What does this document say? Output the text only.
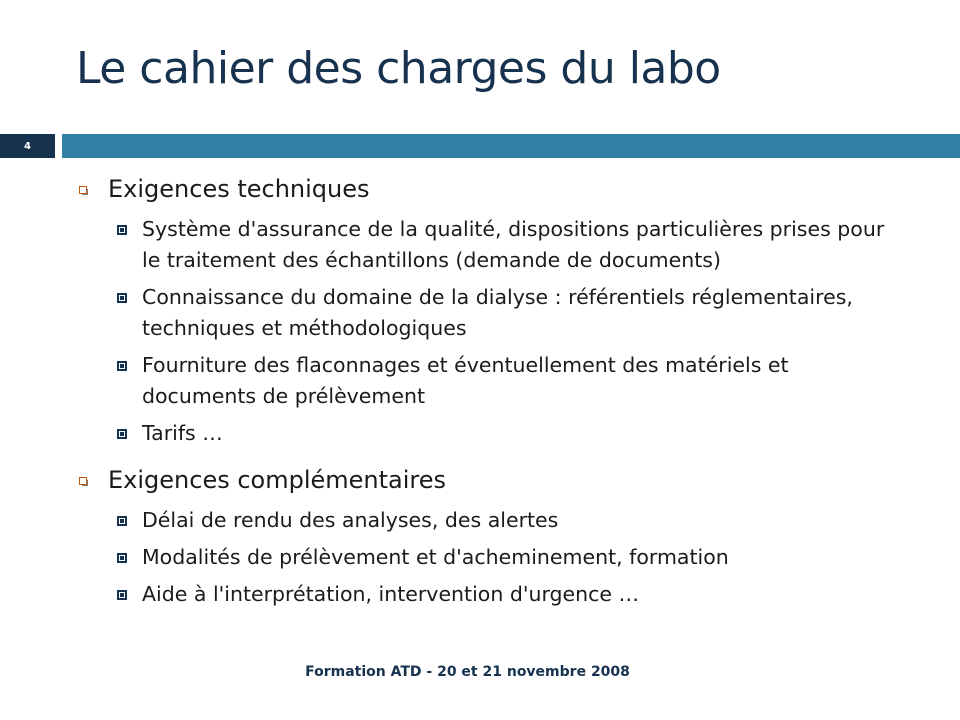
Le cahier des charges du labo
4
Exigences techniques
Système d'assurance de la qualité, dispositions particulières prises pour le traitement des échantillons (demande de documents)
Connaissance du domaine de la dialyse : référentiels réglementaires, techniques et méthodologiques
Fourniture des flaconnages et éventuellement des matériels et documents de prélèvement
Tarifs …
Exigences complémentaires
Délai de rendu des analyses, des alertes
Modalités de prélèvement et d'acheminement, formation
Aide à l'interprétation, intervention d'urgence …
Formation ATD - 20 et 21 novembre 2008
